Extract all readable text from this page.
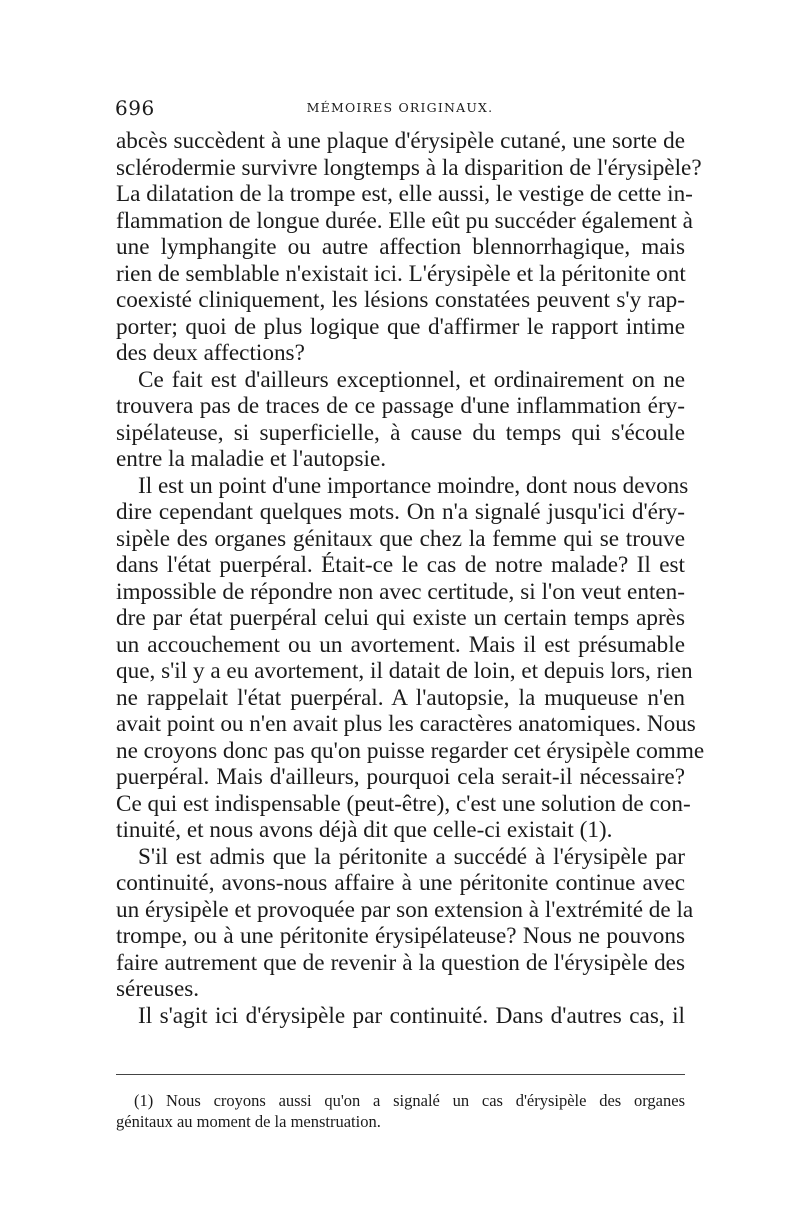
696	MÉMOIRES ORIGINAUX.
abcès succèdent à une plaque d'érysipèle cutané, une sorte de
sclérodermie survivre longtemps à la disparition de l'érysipèle?
La dilatation de la trompe est, elle aussi, le vestige de cette in-
flammation de longue durée. Elle eût pu succéder également à
une lymphangite ou autre affection blennorrhagique, mais
rien de semblable n'existait ici. L'érysipèle et la péritonite ont
coexisté cliniquement, les lésions constatées peuvent s'y rap-
porter; quoi de plus logique que d'affirmer le rapport intime
des deux affections?
Ce fait est d'ailleurs exceptionnel, et ordinairement on ne
trouvera pas de traces de ce passage d'une inflammation éry-
sipélateuse, si superficielle, à cause du temps qui s'écoule
entre la maladie et l'autopsie.
Il est un point d'une importance moindre, dont nous devons
dire cependant quelques mots. On n'a signalé jusqu'ici d'éry-
sipèle des organes génitaux que chez la femme qui se trouve
dans l'état puerpéral. Était-ce le cas de notre malade? Il est
impossible de répondre non avec certitude, si l'on veut enten-
dre par état puerpéral celui qui existe un certain temps après
un accouchement ou un avortement. Mais il est présumable
que, s'il y a eu avortement, il datait de loin, et depuis lors, rien
ne rappelait l'état puerpéral. A l'autopsie, la muqueuse n'en
avait point ou n'en avait plus les caractères anatomiques. Nous
ne croyons donc pas qu'on puisse regarder cet érysipèle comme
puerpéral. Mais d'ailleurs, pourquoi cela serait-il nécessaire?
Ce qui est indispensable (peut-être), c'est une solution de con-
tinuité, et nous avons déjà dit que celle-ci existait (1).
S'il est admis que la péritonite a succédé à l'érysipèle par
continuité, avons-nous affaire à une péritonite continue avec
un érysipèle et provoquée par son extension à l'extrémité de la
trompe, ou à une péritonite érysipélateuse? Nous ne pouvons
faire autrement que de revenir à la question de l'érysipèle des
séreuses.
Il s'agit ici d'érysipèle par continuité. Dans d'autres cas, il
(1) Nous croyons aussi qu'on a signalé un cas d'érysipèle des organes
génitaux au moment de la menstruation.
